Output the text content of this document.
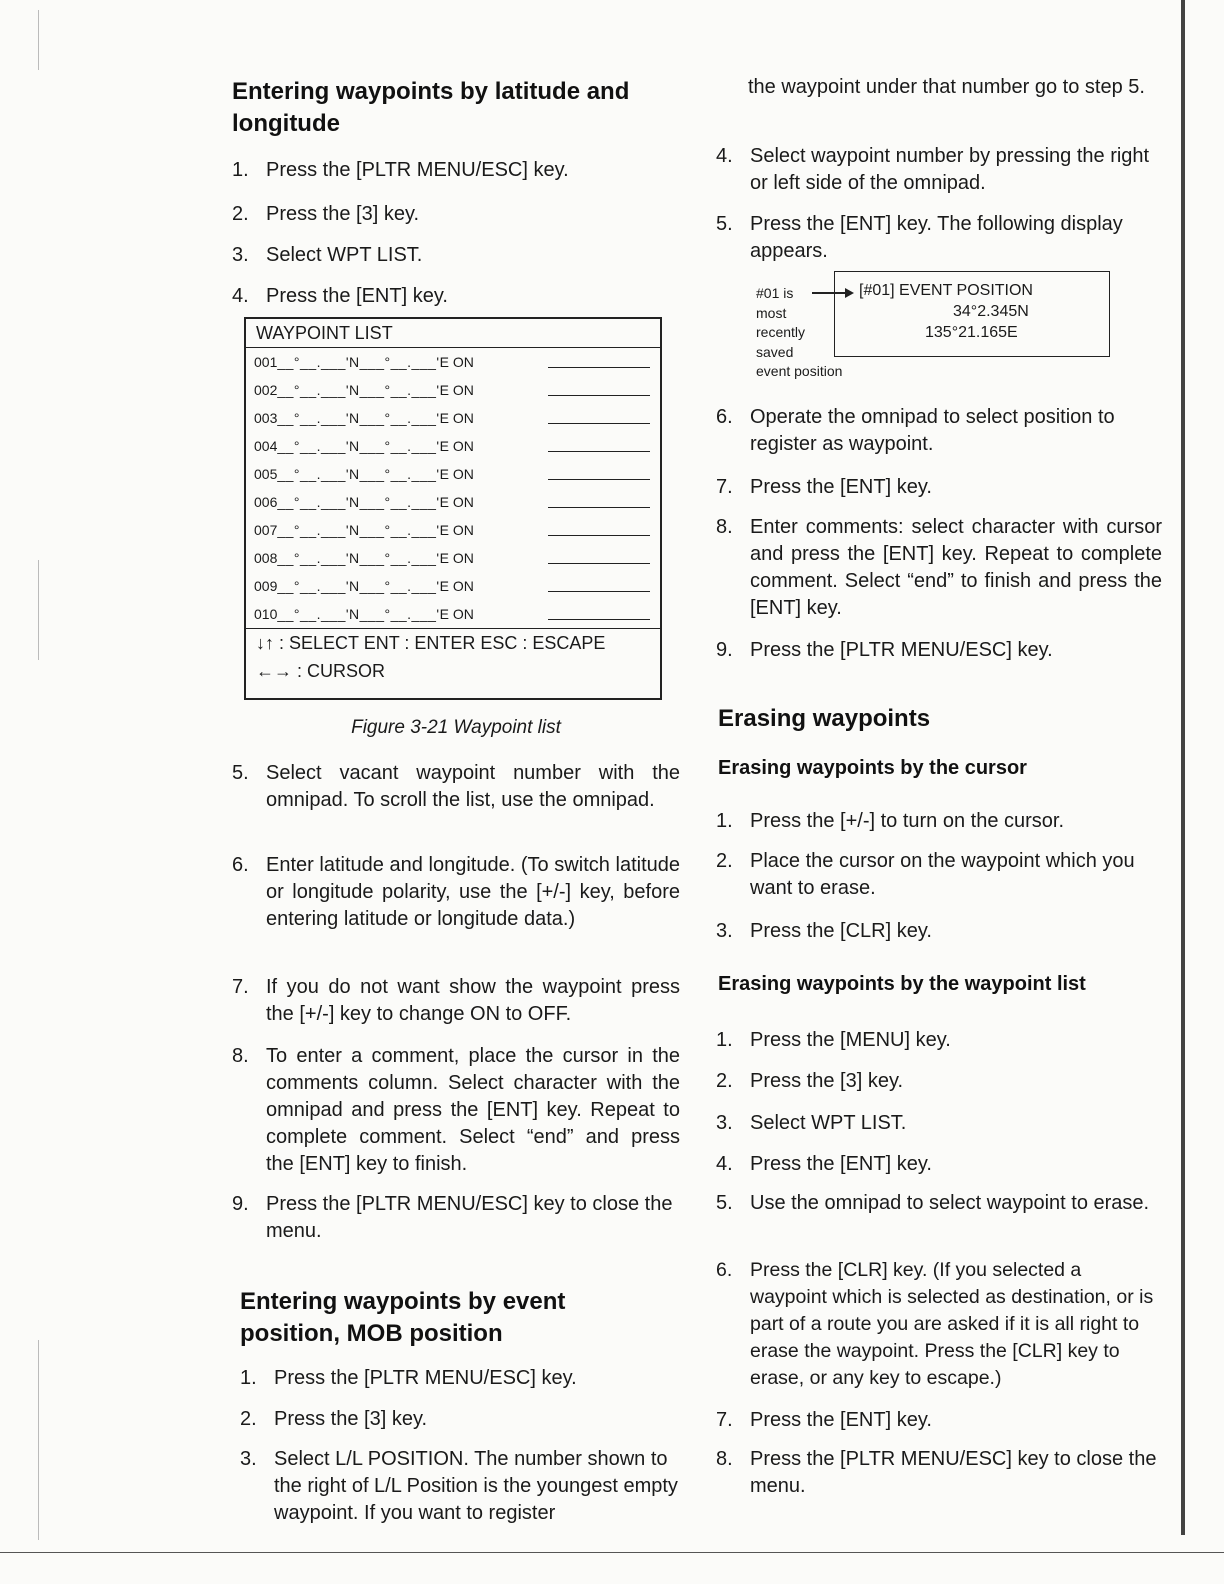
Entering waypoints by latitude and
longitude
1. Press the [PLTR MENU/ESC] key.
2. Press the [3] key.
3. Select WPT LIST.
4. Press the [ENT] key.
WAYPOINT LIST
001__°__.___'N___°__.___'E ON
002__°__.___'N___°__.___'E ON
003__°__.___'N___°__.___'E ON
004__°__.___'N___°__.___'E ON
005__°__.___'N___°__.___'E ON
006__°__.___'N___°__.___'E ON
007__°__.___'N___°__.___'E ON
008__°__.___'N___°__.___'E ON
009__°__.___'N___°__.___'E ON
010__°__.___'N___°__.___'E ON
↓↑ : SELECT ENT : ENTER ESC : ESCAPE
←→ : CURSOR
Figure 3-21 Waypoint list
5. Select vacant waypoint number with the omnipad. To scroll the list, use the omnipad.
6. Enter latitude and longitude. (To switch latitude or longitude polarity, use the [+/-] key, before entering latitude or longitude data.)
7. If you do not want show the waypoint press the [+/-] key to change ON to OFF.
8. To enter a comment, place the cursor in the comments column. Select character with the omnipad and press the [ENT] key. Repeat to complete comment. Select “end” and press the [ENT] key to finish.
9. Press the [PLTR MENU/ESC] key to close the menu.
Entering waypoints by event
position, MOB position
1. Press the [PLTR MENU/ESC] key.
2. Press the [3] key.
3. Select L/L POSITION. The number shown to the right of L/L Position is the youngest empty waypoint. If you want to register
the waypoint under that number go to step 5.
4. Select waypoint number by pressing the right or left side of the omnipad.
5. Press the [ENT] key. The following display appears.
#01 is
most
recently
saved
event position
[#01] EVENT POSITION
34°2.345N
135°21.165E
6. Operate the omnipad to select position to register as waypoint.
7. Press the [ENT] key.
8. Enter comments: select character with cursor and press the [ENT] key. Repeat to complete comment. Select “end” to finish and press the [ENT] key.
9. Press the [PLTR MENU/ESC] key.
Erasing waypoints
Erasing waypoints by the cursor
1. Press the [+/-] to turn on the cursor.
2. Place the cursor on the waypoint which you want to erase.
3. Press the [CLR] key.
Erasing waypoints by the waypoint list
1. Press the [MENU] key.
2. Press the [3] key.
3. Select WPT LIST.
4. Press the [ENT] key.
5. Use the omnipad to select waypoint to erase.
6. Press the [CLR] key. (If you selected a waypoint which is selected as destination, or is part of a route you are asked if it is all right to erase the waypoint. Press the [CLR] key to erase, or any key to escape.)
7. Press the [ENT] key.
8. Press the [PLTR MENU/ESC] key to close the menu.
